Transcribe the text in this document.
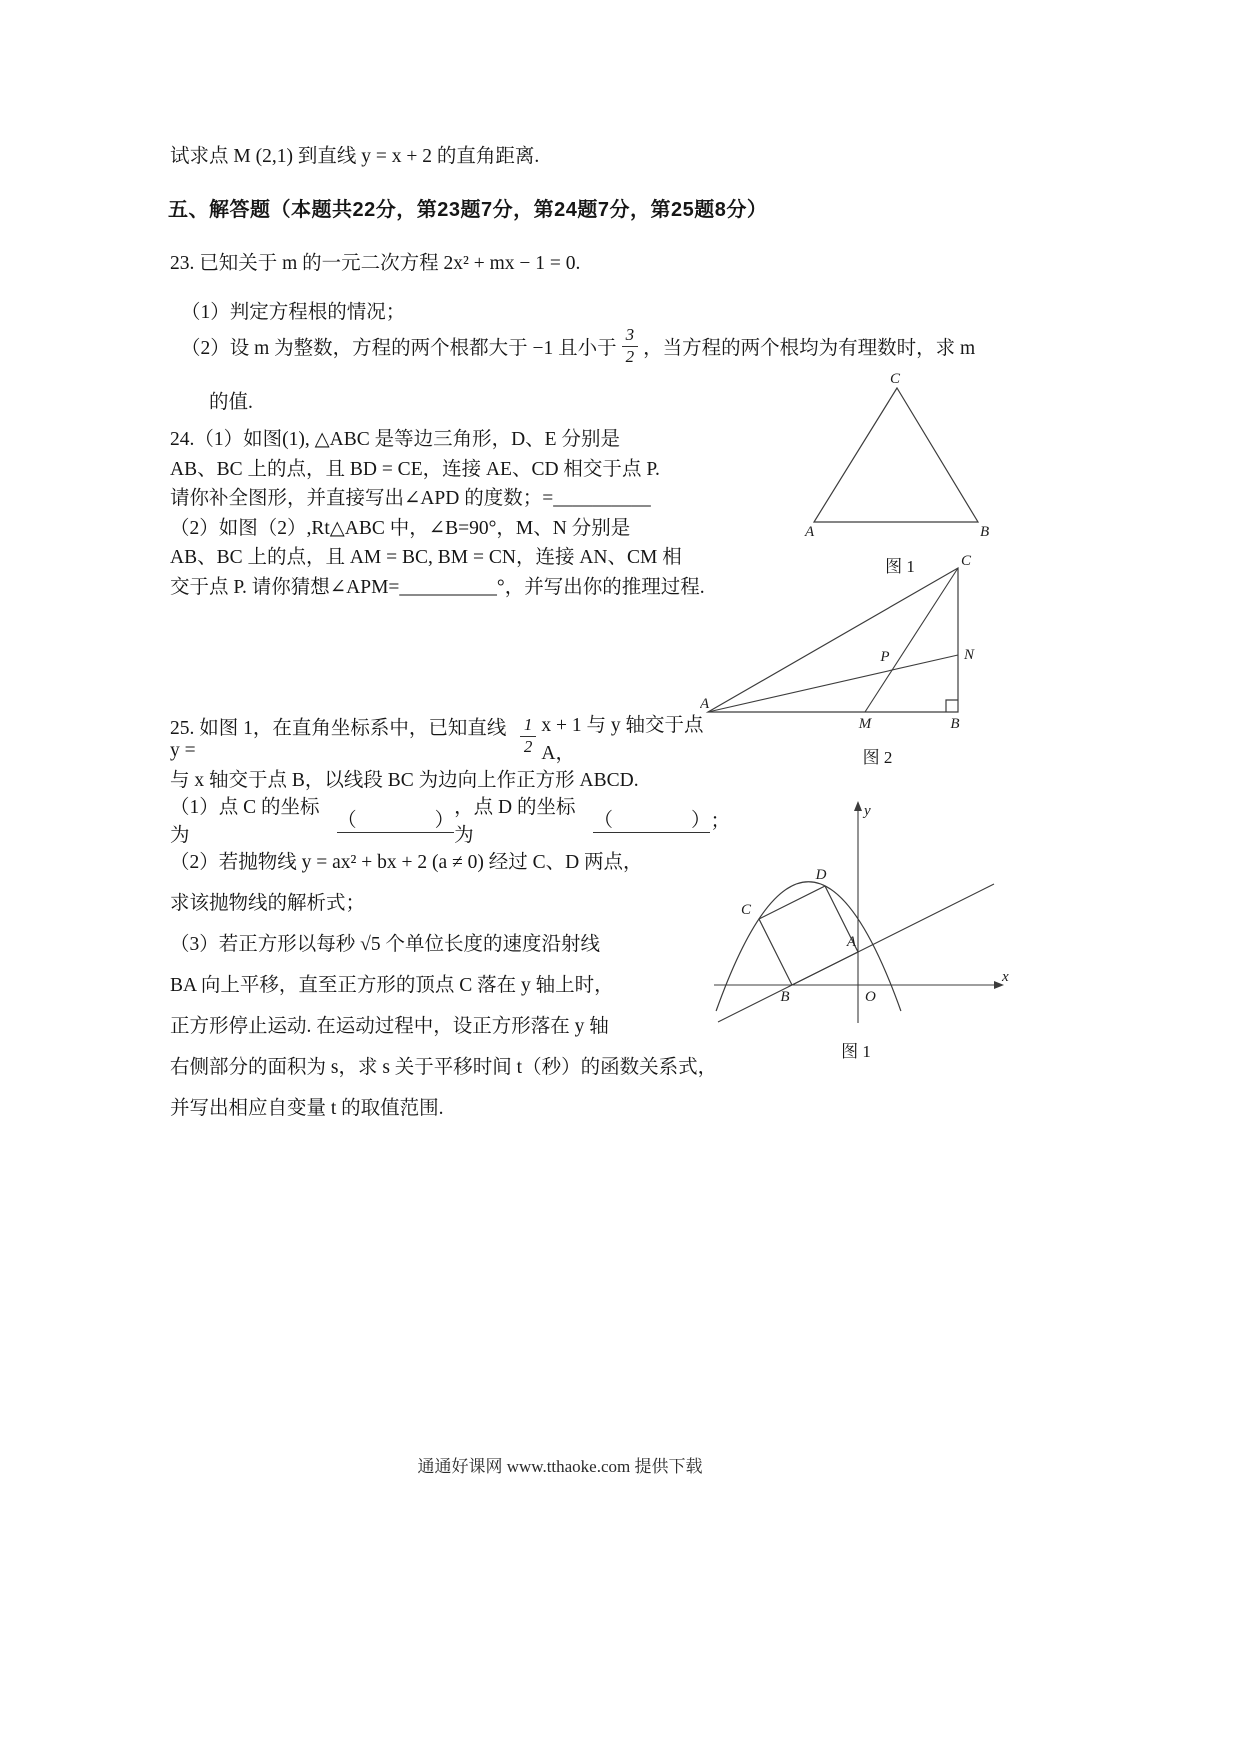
试求点 M (2,1) 到直线 y = x + 2 的直角距离.
五、解答题（本题共22分，第23题7分，第24题7分，第25题8分）
23. 已知关于 m 的一元二次方程 2x² + mx − 1 = 0.
（1）判定方程根的情况；
（2）设 m 为整数，方程的两个根都大于 −1 且小于 $\frac{3}{2}$ ，当方程的两个根均为有理数时，求 m
的值.
24.（1）如图(1), △ABC 是等边三角形，D、E 分别是
AB、BC 上的点，且 BD = CE，连接 AE、CD 相交于点 P.
请你补全图形，并直接写出∠APD 的度数；=__________
（2）如图（2）,Rt△ABC 中，∠B=90°，M、N 分别是
AB、BC 上的点，且 AM = BC, BM = CN，连接 AN、CM 相
交于点 P. 请你猜想∠APM=__________°，并写出你的推理过程.
C
A	B
图 1	C
A
B
M
N
P
图 2
25. 如图 1，在直角坐标系中，已知直线 y =	$\frac{1}{2}$ x + 1 与 y 轴交于点 A，
与 x 轴交于点 B，以线段 BC 为边向上作正方形 ABCD.
（1）点 C 的坐标为
（　　　　）
，点 D 的坐标为
（　　　　） ；
（2）若抛物线 y = ax² + bx + 2 (a ≠ 0) 经过 C、D 两点，
求该抛物线的解析式；
（3）若正方形以每秒 √5 个单位长度的速度沿射线
BA 向上平移，直至正方形的顶点 C 落在 y 轴上时，
正方形停止运动. 在运动过程中，设正方形落在 y 轴
右侧部分的面积为 s，求 s 关于平移时间 t（秒）的函数关系式，
并写出相应自变量 t 的取值范围.
y
x
O
A
B
C
D
图 1
通通好课网 www.tthaoke.com 提供下载
